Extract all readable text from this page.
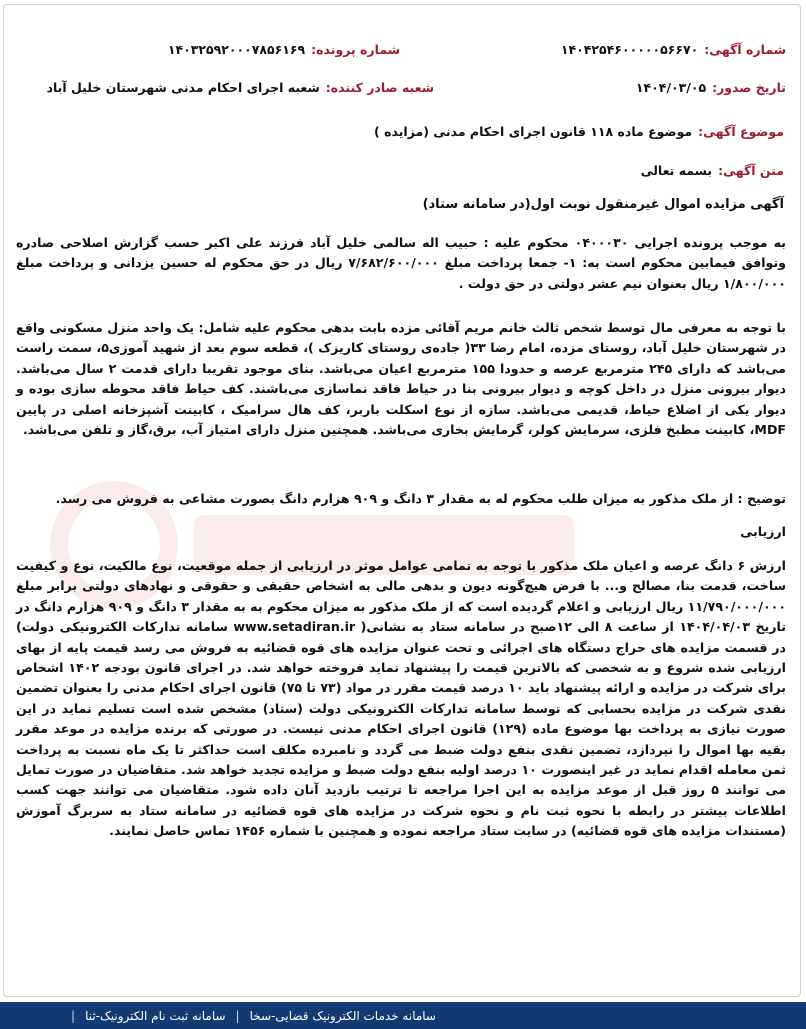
شماره آگهی:
۱۴۰۴۲۵۴۶۰۰۰۰۰۵۶۶۷۰
شماره پرونده:
۱۴۰۳۲۵۹۲۰۰۰۷۸۵۶۱۶۹
تاریخ صدور:
۱۴۰۴/۰۳/۰۵
شعبه صادر کننده:
شعبه اجرای احکام مدنی شهرستان خلیل آباد
موضوع آگهی:
موضوع ماده ۱۱۸ قانون اجرای احکام مدنی (مزایده )
متن آگهی:
بسمه تعالی
آگهی مزایده اموال غیرمنقول نوبت اول(در سامانه ستاد)

به موجب پرونده اجرایی ۰۴۰۰۰۳۰ محکوم علیه : حبیب اله سالمی خلیل آباد فرزند علی اکبر حسب گزارش اصلاحی صادره وتوافق فیمابین محکوم است به: ۱- جمعا پرداخت مبلغ ۷/۶۸۲/۶۰۰/۰۰۰ ریال در حق محکوم له حسین یزدانی و پرداخت مبلغ ۱/۸۰۰/۰۰۰ ریال بعنوان نیم عشر دولتی در حق دولت .

با توجه به معرفی مال توسط شخص ثالث خانم مریم آقائی مزده بابت بدهی محکوم علیه شامل: یک واحد منزل مسکونی واقع در شهرستان خلیل آباد، روستای مزده، امام رضا ۳۳( جاده‌ی روستای کاریزک )، قطعه سوم بعد از شهید آموزی۵، سمت راست می‌باشد که دارای ۲۴۵ مترمربع عرصه و حدودا ۱۵۵ مترمربع اعیان می‌باشد. بنای موجود تقریبا دارای قدمت ۲ سال می‌باشد. دیوار بیرونی منزل در داخل کوچه و دیوار بیرونی بنا در حیاط فاقد نماسازی می‌باشند. کف حیاط فاقد محوطه سازی بوده و دیوار یکی از اضلاع حیاط، قدیمی می‌باشد. سازه از نوع اسکلت باربر، کف هال سرامیک ، کابینت آشپزخانه اصلی در پایین MDF، کابینت مطبخ فلزی، سرمایش کولر، گرمایش بخاری می‌باشد. همچنین منزل دارای امتیاز آب، برق،گاز و تلفن می‌باشد.

توضیح : از ملک مذکور به میزان طلب محکوم له به مقدار ۳ دانگ و ۹۰۹ هزارم دانگ بصورت مشاعی به فروش می رسد.

ارزیابی

ارزش ۶ دانگ عرصه و اعیان ملک مذکور با توجه به تمامی عوامل موثر در ارزیابی از جمله موقعیت، نوع مالکیت، نوع و کیفیت ساخت، قدمت بنا، مصالح و... با فرض هیچ‌گونه دیون و بدهی مالی به اشخاص حقیقی و حقوقی و نهادهای دولتی برابر مبلغ ۱۱/۷۹۰/۰۰۰/۰۰۰ ریال ارزیابی و اعلام گردیده است که از ملک مذکور به میزان محکوم به به مقدار ۳ دانگ و ۹۰۹ هزارم دانگ در تاریخ ۱۴۰۴/۰۴/۰۳ از ساعت ۸ الی ۱۲صبح در سامانه ستاد به نشانی( www.setadiran.ir سامانه تدارکات الکترونیکی دولت) در قسمت مزایده های حراج دستگاه های اجرائی و تحت عنوان مزایده های قوه قضائیه به فروش می رسد قیمت پایه از بهای ارزیابی شده شروع و به شخصی که بالاترین قیمت را پیشنهاد نماید فروخته خواهد شد. در اجرای قانون بودجه ۱۴۰۲ اشخاص برای شرکت در مزایده و ارائه پیشنهاد باید ۱۰ درصد قیمت مقرر در مواد (۷۳ تا ۷۵) قانون اجرای احکام مدنی را بعنوان تضمین نقدی شرکت در مزایده بحسابی که توسط سامانه تدارکات الکترونیکی دولت (ستاد) مشخص شده است تسلیم نماید در این صورت نیازی به پرداخت بها موضوع ماده (۱۲۹) قانون اجرای احکام مدنی نیست. در صورتی که برنده مزایده در موعد مقرر بقیه بها اموال را نپردازد، تضمین نقدی بنفع دولت ضبط می گردد و نامبرده مکلف است حداکثر تا یک ماه نسبت به پرداخت ثمن معامله اقدام نماید در غیر اینصورت ۱۰ درصد اولیه بنفع دولت ضبط و مزایده تجدید خواهد شد. متقاضیان در صورت تمایل می توانند ۵ روز قبل از موعد مزایده به این اجرا مراجعه تا ترتیب بازدید آنان داده شود. متقاضیان می توانند جهت کسب اطلاعات بیشتر در رابطه با نحوه ثبت نام و نحوه شرکت در مزایده های قوه قضائیه در سامانه ستاد به سربرگ آموزش (مستندات مزایده های قوه قضائیه) در سایت ستاد مراجعه نموده و همچنین با شماره ۱۴۵۶ تماس حاصل نمایند.

سامانه خدمات الکترونیک قضایی-سخا
|
سامانه ثبت نام الکترونیک-ثنا
|
